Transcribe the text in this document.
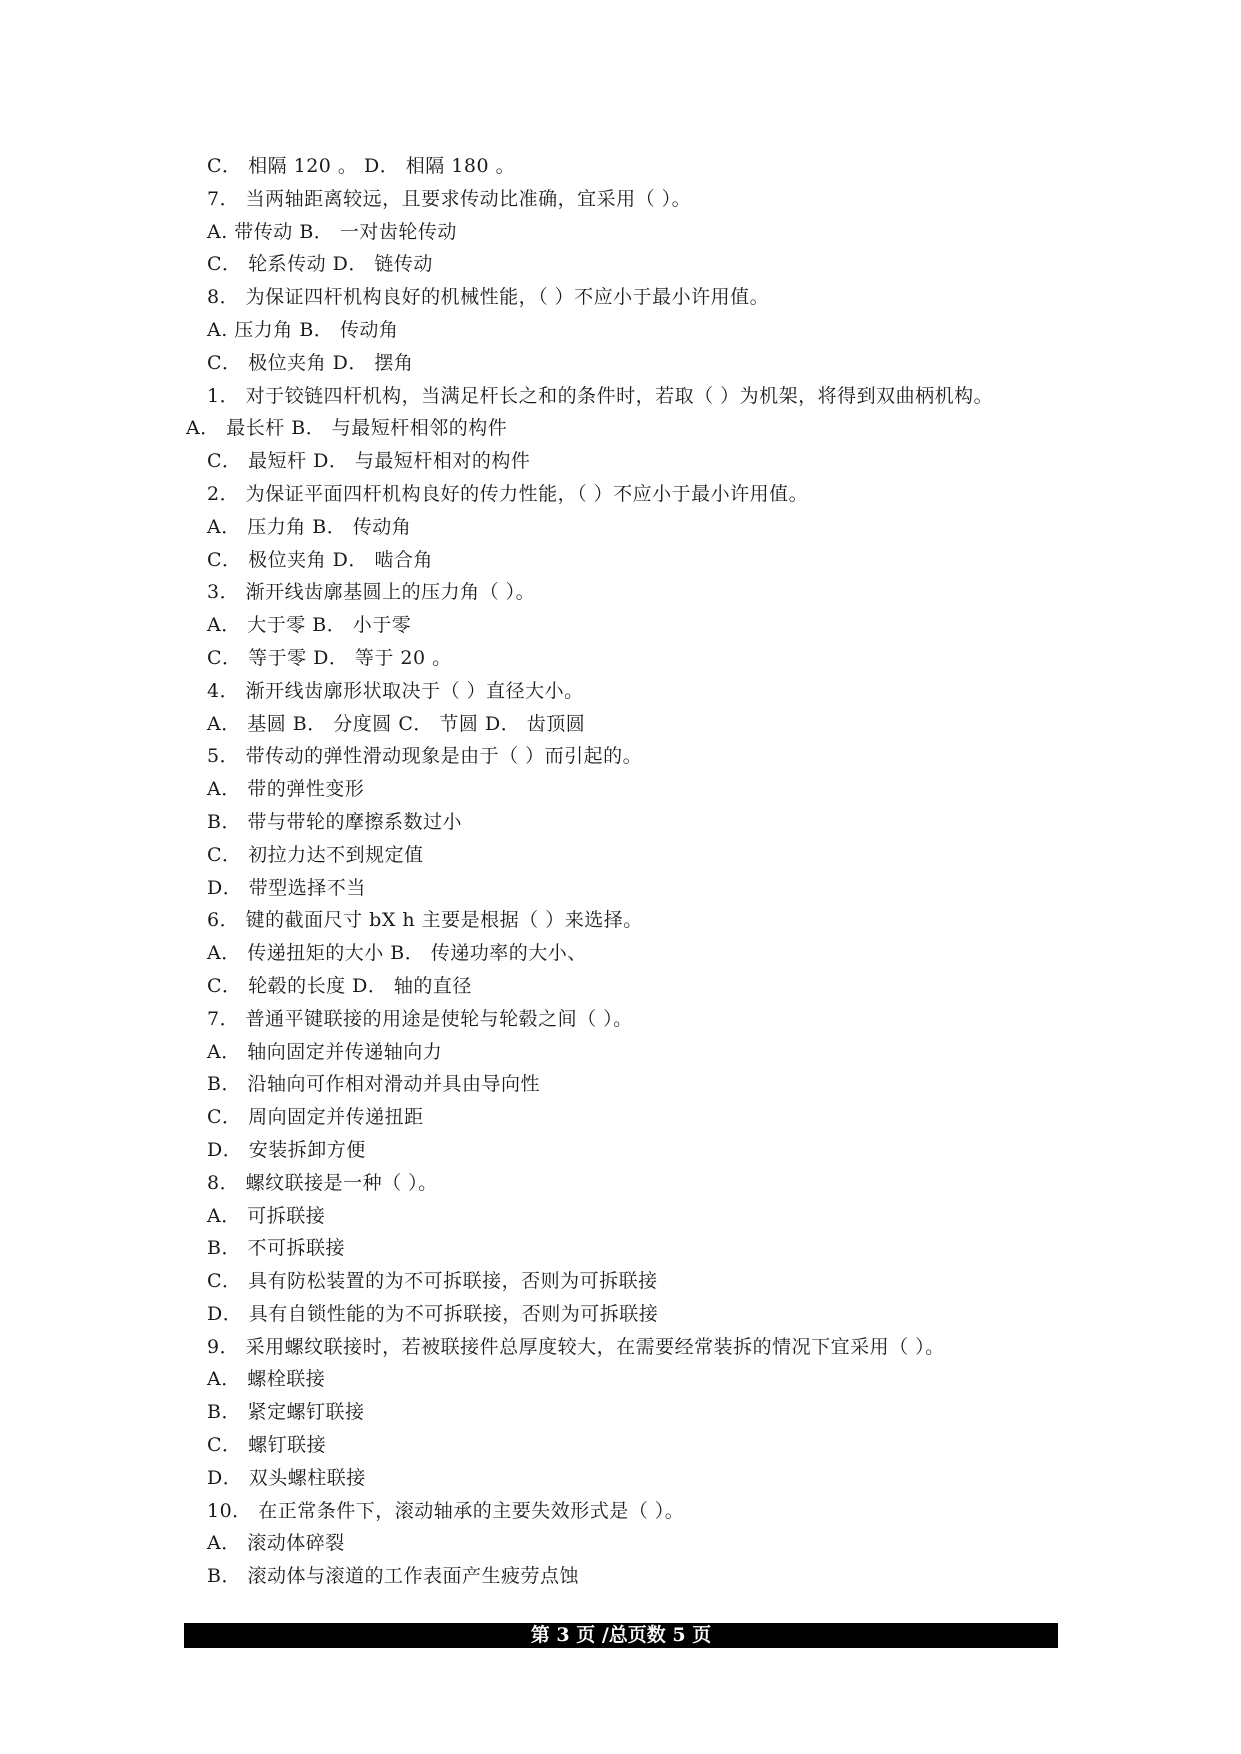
C． 相隔 120 。 D． 相隔 180 。
7． 当两轴距离较远，且要求传动比准确，宜采用（ ）。
A. 带传动 B． 一对齿轮传动
C． 轮系传动 D． 链传动
8． 为保证四杆机构良好的机械性能，（ ）不应小于最小许用值。
A. 压力角 B． 传动角
C． 极位夹角 D． 摆角
1． 对于铰链四杆机构，当满足杆长之和的条件时，若取（ ）为机架，将得到双曲柄机构。
A． 最长杆 B． 与最短杆相邻的构件
C． 最短杆 D． 与最短杆相对的构件
2． 为保证平面四杆机构良好的传力性能，（ ）不应小于最小许用值。
A． 压力角 B． 传动角
C． 极位夹角 D． 啮合角
3． 渐开线齿廓基圆上的压力角（ ）。
A． 大于零 B． 小于零
C． 等于零 D． 等于 20 。
4． 渐开线齿廓形状取决于（ ）直径大小。
A． 基圆 B． 分度圆 C． 节圆 D． 齿顶圆
5． 带传动的弹性滑动现象是由于（ ）而引起的。
A． 带的弹性变形
B． 带与带轮的摩擦系数过小
C． 初拉力达不到规定值
D． 带型选择不当
6． 键的截面尺寸 bX h 主要是根据（ ）来选择。
A． 传递扭矩的大小 B． 传递功率的大小、
C． 轮毂的长度 D． 轴的直径
7． 普通平键联接的用途是使轮与轮毂之间（ ）。
A． 轴向固定并传递轴向力
B． 沿轴向可作相对滑动并具由导向性
C． 周向固定并传递扭距
D． 安装拆卸方便
8． 螺纹联接是一种（ ）。
A． 可拆联接
B． 不可拆联接
C． 具有防松装置的为不可拆联接，否则为可拆联接
D． 具有自锁性能的为不可拆联接，否则为可拆联接
9． 采用螺纹联接时，若被联接件总厚度较大，在需要经常装拆的情况下宜采用（ ）。
A． 螺栓联接
B． 紧定螺钉联接
C． 螺钉联接
D． 双头螺柱联接
10． 在正常条件下，滚动轴承的主要失效形式是（ ）。
A． 滚动体碎裂
B． 滚动体与滚道的工作表面产生疲劳点蚀
第 3 页 /总页数 5 页
